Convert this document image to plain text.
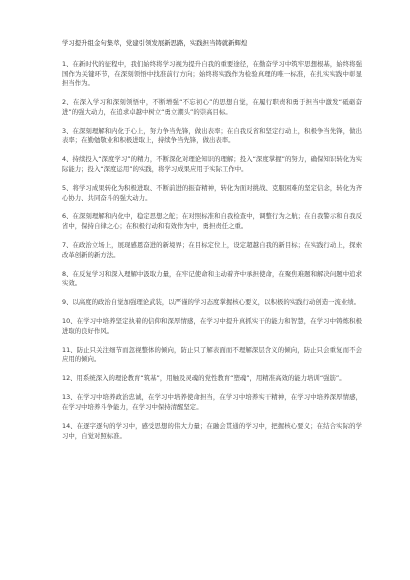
学习提升组金句集萃，党建引领发展新思路，实践担当铸就新辉煌

1、在新时代的征程中，我们始终将学习视为提升自我的重要途径，在勤奋学习中筑牢思想根基，始终将强国作为关键环节，在深刻领悟中找准前行方向；始终将实践作为检验真理的唯一标准，在扎实实践中彰显担当作为。

2、在深入学习和深刻领悟中，不断增强“不忘初心”的思想自觉，在履行职责和勇于担当中激发“砥砺奋进”的强大动力，在追求卓越中树立“勇立潮头”的崇高目标。

3、在深刻理解和内化于心上，努力争当先锋，做出表率；在自我反省和坚定行动上，积极争当先锋，做出表率；在勤勉敬业和积极进取上，持续争当先锋，做出表率。

4、持续投入“深度学习”的精力，不断深化对理论知识的理解；投入“深度掌握”的努力，确保知识转化为实际能力；投入“深度运用”的实践，将学习成果应用于实际工作中。

5、将学习成果转化为积极进取、不断前进的振奋精神，转化为面对挑战、克服困难的坚定信念，转化为齐心协力、共同奋斗的强大动力。

6、在深刻理解和内化中，稳定思想之舵；在对照标准和自我检查中，调整行为之航；在自我警示和自我反省中，保持自律之心；在积极行动和有效作为中，勇担责任之重。

7、在政治立场上，展现感恩奋进的新境界；在目标定位上，设定超越自我的新目标；在实践行动上，探索改革创新的新方法。

8、在反复学习和深入理解中汲取力量，在牢记使命和主动着齐中承担使命，在聚焦难题和解决问题中追求实效。

9、以高度的政治自觉加强理论武装，以严谨的学习态度掌握核心要义，以积极的实践行动创造一流业绩。

10、在学习中培养坚定执着的信仰和深厚情感，在学习中提升真抓实干的能力和智慧，在学习中铸炼积极进取的良好作风。

11、防止只关注细节而忽视整体的倾向，防止只了解表面而不理解深层含义的倾向，防止只会重复而不会应用的倾向。

12、用系统深入的理论教育“筑基”，用触及灵魂的党性教育“塑魂”，用精准高效的能力培训“强筋”。

13、在学习中培养政治忠诚，在学习中培养使命担当，在学习中培养实干精神，在学习中培养深厚情感，在学习中培养斗争能力，在学习中保持清醒坚定。

14、在逐字逐句的学习中，感受思想的伟大力量；在融会贯通的学习中，把握核心要义；在结合实际的学习中，自觉对照标准。
